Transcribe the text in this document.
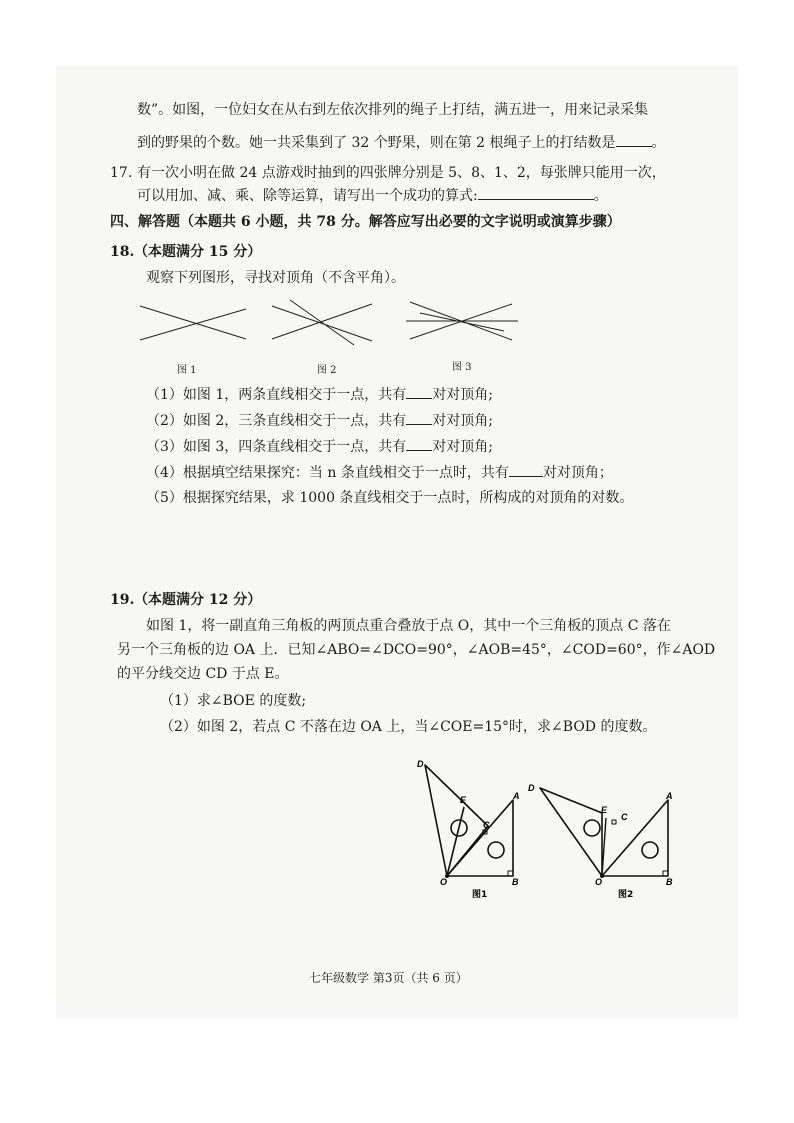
数”。如图，一位妇女在从右到左依次排列的绳子上打结，满五进一，用来记录采集
到的野果的个数。她一共采集到了 32 个野果，则在第 2 根绳子上的打结数是	。
17. 有一次小明在做 24 点游戏时抽到的四张牌分别是 5、8、1、2，每张牌只能用一次，
可以用加、减、乘、除等运算，请写出一个成功的算式:	。
四、解答题（本题共 6 小题，共 78 分。解答应写出必要的文字说明或演算步骤）
18. （本题满分 15 分）
观察下列图形，寻找对顶角（不含平角）。
图 1	图 2	图 3
（1）如图 1，两条直线相交于一点，共有 对对顶角;
（2）如图 2，三条直线相交于一点，共有 对对顶角;
（3）如图 3，四条直线相交于一点，共有 对对顶角;
（4）根据填空结果探究：当 n 条直线相交于一点时，共有 对对顶角；
（5）根据探究结果，求 1000 条直线相交于一点时，所构成的对顶角的对数。
19. （本题满分 12 分）
如图 1，将一副直角三角板的两顶点重合叠放于点 O，其中一个三角板的顶点 C 落在
另一个三角板的边 OA 上．已知∠ABO=∠DCO=90°，∠AOB=45°，∠COD=60°，作∠AOD
的平分线交边 CD 于点 E。
（1）求∠BOE 的度数;
（2）如图 2，若点 C 不落在边 OA 上，当∠COE=15°时，求∠BOD 的度数。
D
E
C
A
O	B
图1
D
E
C
A
O	B
图2
七年级数学 第3页（共 6 页）
